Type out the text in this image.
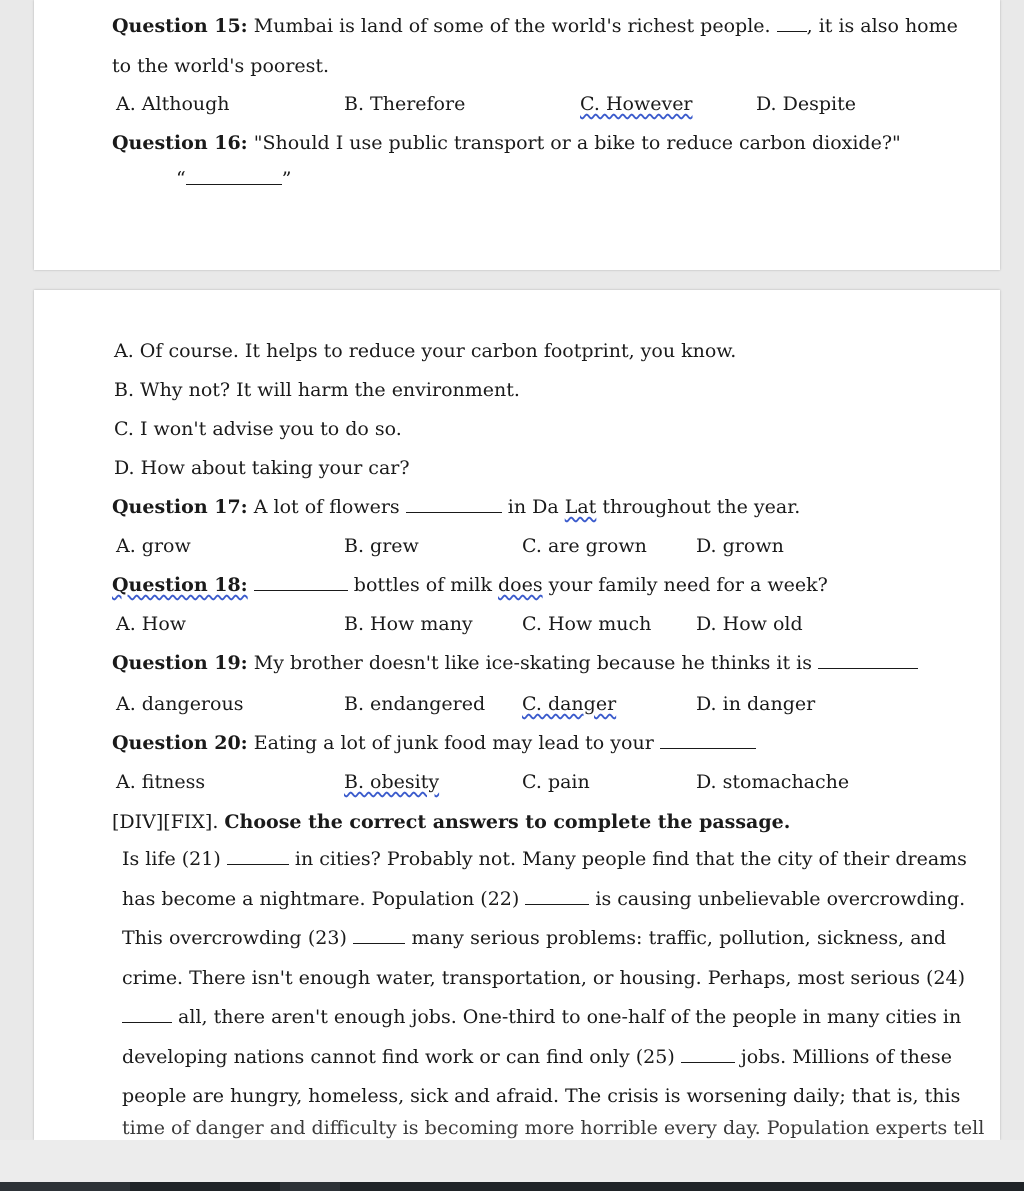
Question 15: Mumbai is land of some of the world's richest people. , it is also home
to the world's poorest.
A. Although	B. Therefore	C. However	D. Despite
Question 16: "Should I use public transport or a bike to reduce carbon dioxide?"
“	”
A. Of course. It helps to reduce your carbon footprint, you know.
B. Why not? It will harm the environment.
C. I won't advise you to do so.
D. How about taking your car?
Question 17: A lot of flowers	in Da Lat throughout the year.
A. grow	B. grew	C. are grown	D. grown
Question 18:	bottles of milk does your family need for a week?
A. How	B. How many	C. How much D. How old
Question 19: My brother doesn't like ice-skating because he thinks it is
A. dangerous	B. endangered C. danger	D. in danger
Question 20: Eating a lot of junk food may lead to your
A. fitness	B. obesity	C. pain	D. stomachache
[DIV][FIX]. Choose the correct answers to complete the passage.
Is life (21)	in cities? Probably not. Many people find that the city of their dreams
has become a nightmare. Population (22)	is causing unbelievable overcrowding.
This overcrowding (23)	many serious problems: traffic, pollution, sickness, and
crime. There isn't enough water, transportation, or housing. Perhaps, most serious (24)
all, there aren't enough jobs. One-third to one-half of the people in many cities in
developing nations cannot find work or can find only (25)	jobs. Millions of these
people are hungry, homeless, sick and afraid. The crisis is worsening daily; that is, this
time of danger and difficulty is becoming more horrible every day. Population experts tell
